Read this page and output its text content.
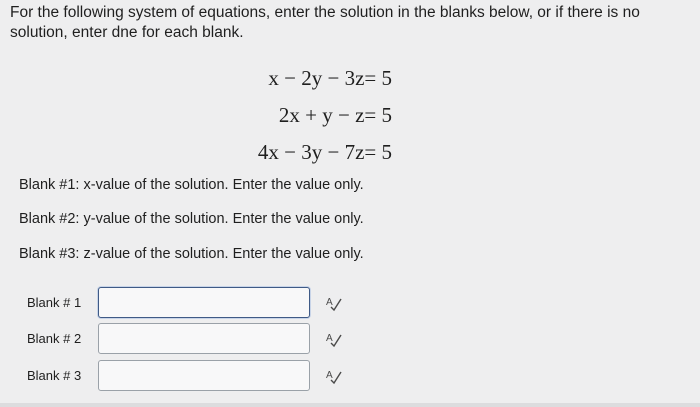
For the following system of equations, enter the solution in the blanks below, or if there is no solution, enter dne for each blank.
x − 2y − 3z= 5
2x + y − z= 5
4x − 3y − 7z= 5
Blank #1: x-value of the solution. Enter the value only.
Blank #2: y-value of the solution. Enter the value only.
Blank #3: z-value of the solution. Enter the value only.
Blank # 1	A
Blank # 2	A
Blank # 3	A
